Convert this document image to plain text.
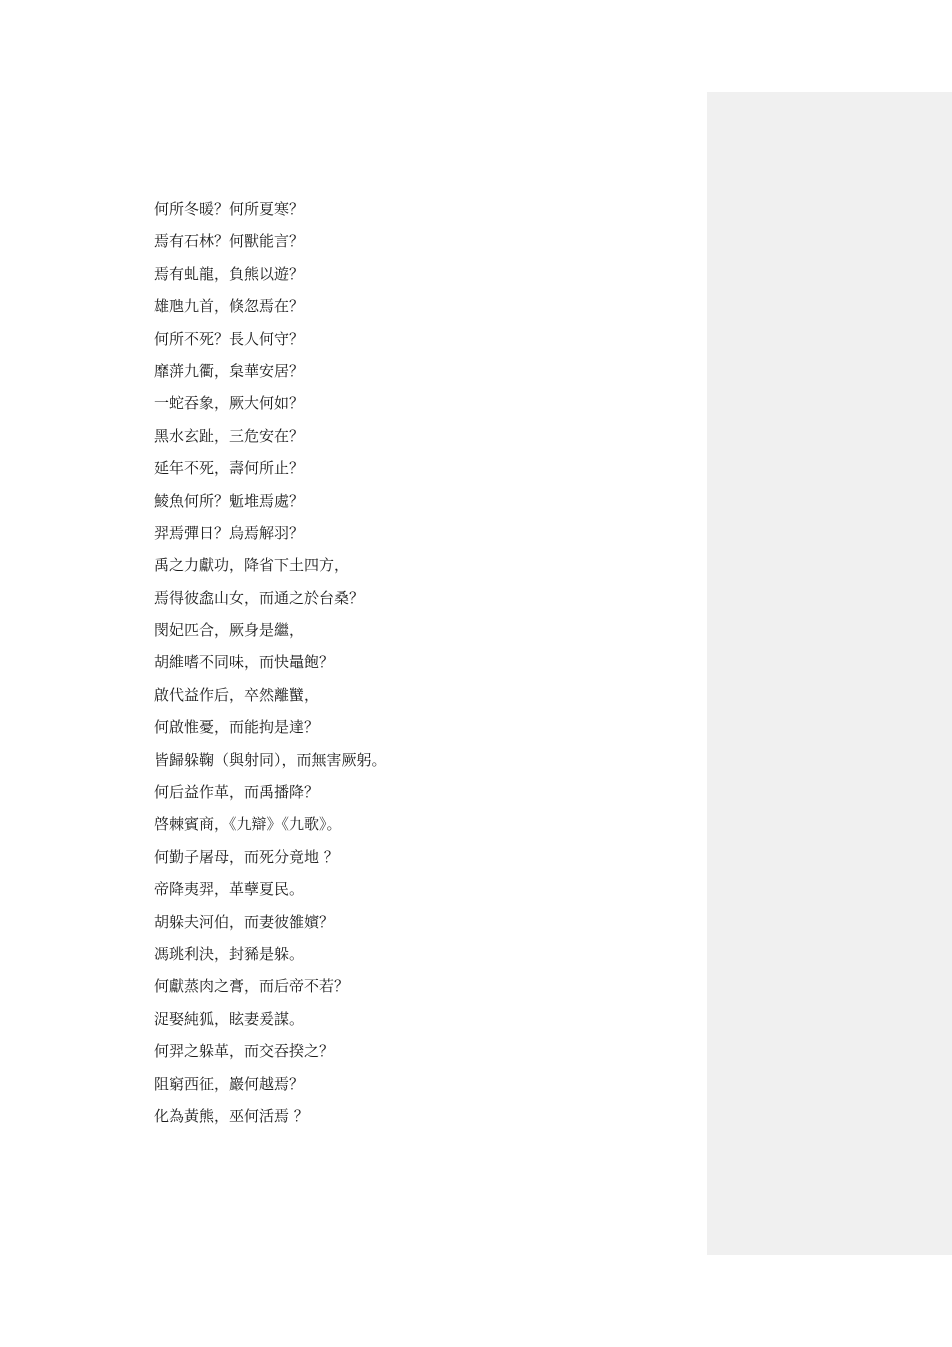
何所冬暖？何所夏寒？
焉有石林？何獸能言？
焉有虬龍，負熊以遊？
雄虺九首，倏忽焉在？
何所不死？長人何守？
靡蓱九衢，枲華安居？
一蛇吞象，厥大何如？
黑水玄趾，三危安在？
延年不死，壽何所止？
鯪魚何所？鬿堆焉處？
羿焉彈日？烏焉解羽？
禹之力獻功，降省下土四方，
焉得彼嵞山女，而通之於台桑？
閔妃匹合，厥身是繼，
胡維嗜不同味，而快鼂飽？
啟代益作后，卒然離蠥，
何啟惟憂，而能拘是達？
皆歸躲鞠（與射同），而無害厥躬。
何后益作革，而禹播降？
啓棘賓商，《九辯》《九歌》。
何勤子屠母，而死分竟地 ？
帝降夷羿，革孽夏民。
胡躲夫河伯，而妻彼雒嬪？
馮珧利決，封豨是躲。
何獻蒸肉之膏，而后帝不若？
浞娶純狐，眩妻爰謀。
何羿之躲革，而交吞揆之？
阻窮西征，巖何越焉？
化為黃熊，巫何活焉 ？
